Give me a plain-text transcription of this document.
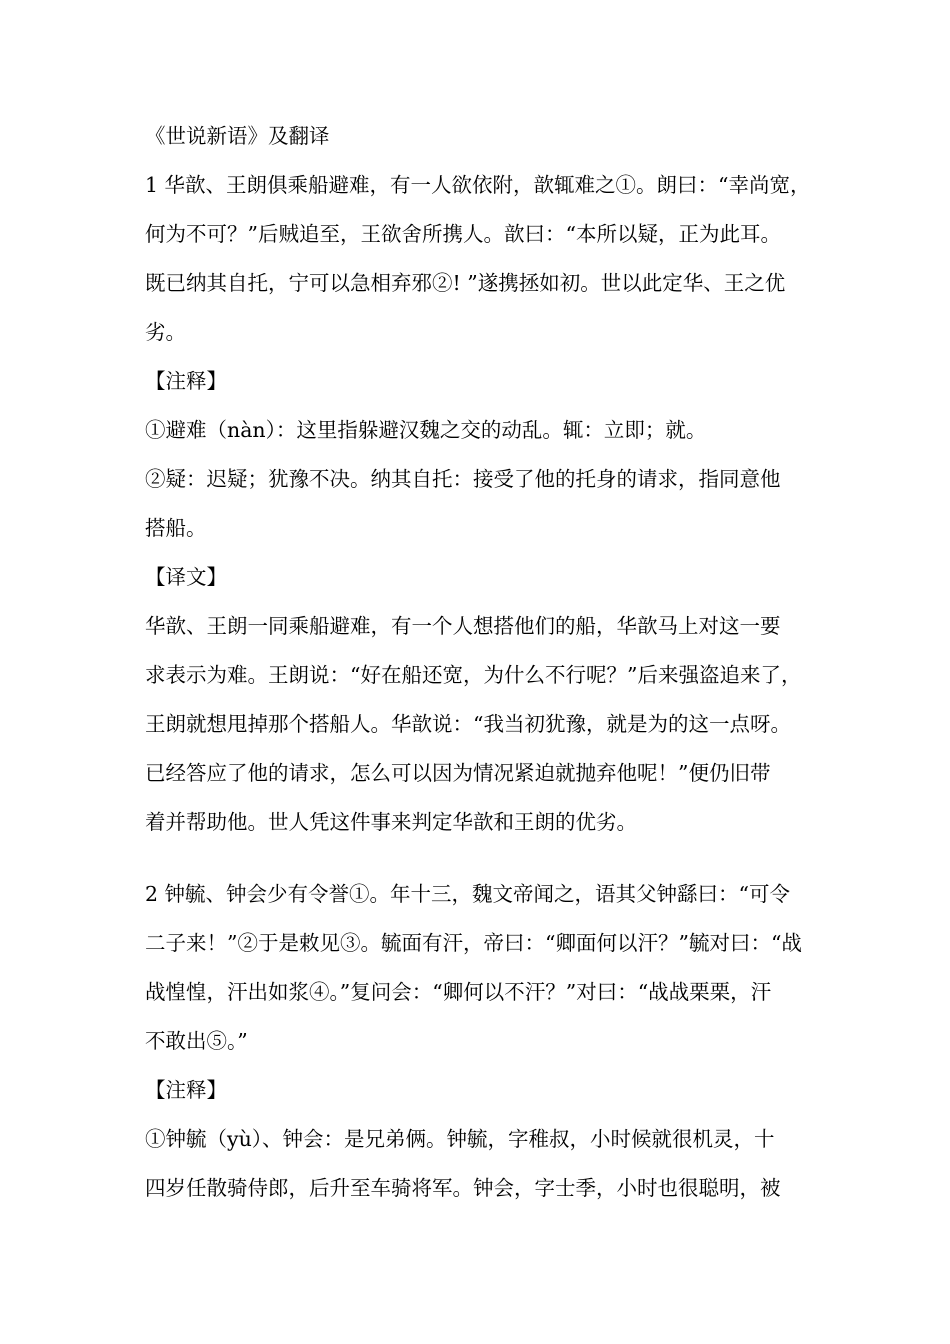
《世说新语》及翻译
1 华歆、王朗俱乘船避难，有一人欲依附，歆辄难之①。朗曰：“幸尚宽，
何为不可？”后贼追至，王欲舍所携人。歆曰：“本所以疑，正为此耳。
既已纳其自托，宁可以急相弃邪②! ”遂携拯如初。世以此定华、王之优
劣。
【注释】
①避难（nàn）：这里指躲避汉魏之交的动乱。辄：立即；就。
②疑：迟疑；犹豫不决。纳其自托：接受了他的托身的请求，指同意他
搭船。
【译文】
华歆、王朗一同乘船避难，有一个人想搭他们的船，华歆马上对这一要
求表示为难。王朗说：“好在船还宽，为什么不行呢？”后来强盗追来了，
王朗就想甩掉那个搭船人。华歆说：“我当初犹豫，就是为的这一点呀。
已经答应了他的请求，怎么可以因为情况紧迫就抛弃他呢！”便仍旧带
着并帮助他。世人凭这件事来判定华歆和王朗的优劣。
2 钟毓、钟会少有令誉①。年十三，魏文帝闻之，语其父钟繇曰：“可令
二子来！”②于是敕见③。毓面有汗，帝曰：“卿面何以汗？”毓对曰：“战
战惶惶，汗出如浆④。”复问会：“卿何以不汗？”对曰：“战战栗栗，汗
不敢出⑤。”
【注释】
①钟毓（yù）、钟会：是兄弟俩。钟毓，字稚叔，小时候就很机灵，十
四岁任散骑侍郎，后升至车骑将军。钟会，字士季，小时也很聪明，被
